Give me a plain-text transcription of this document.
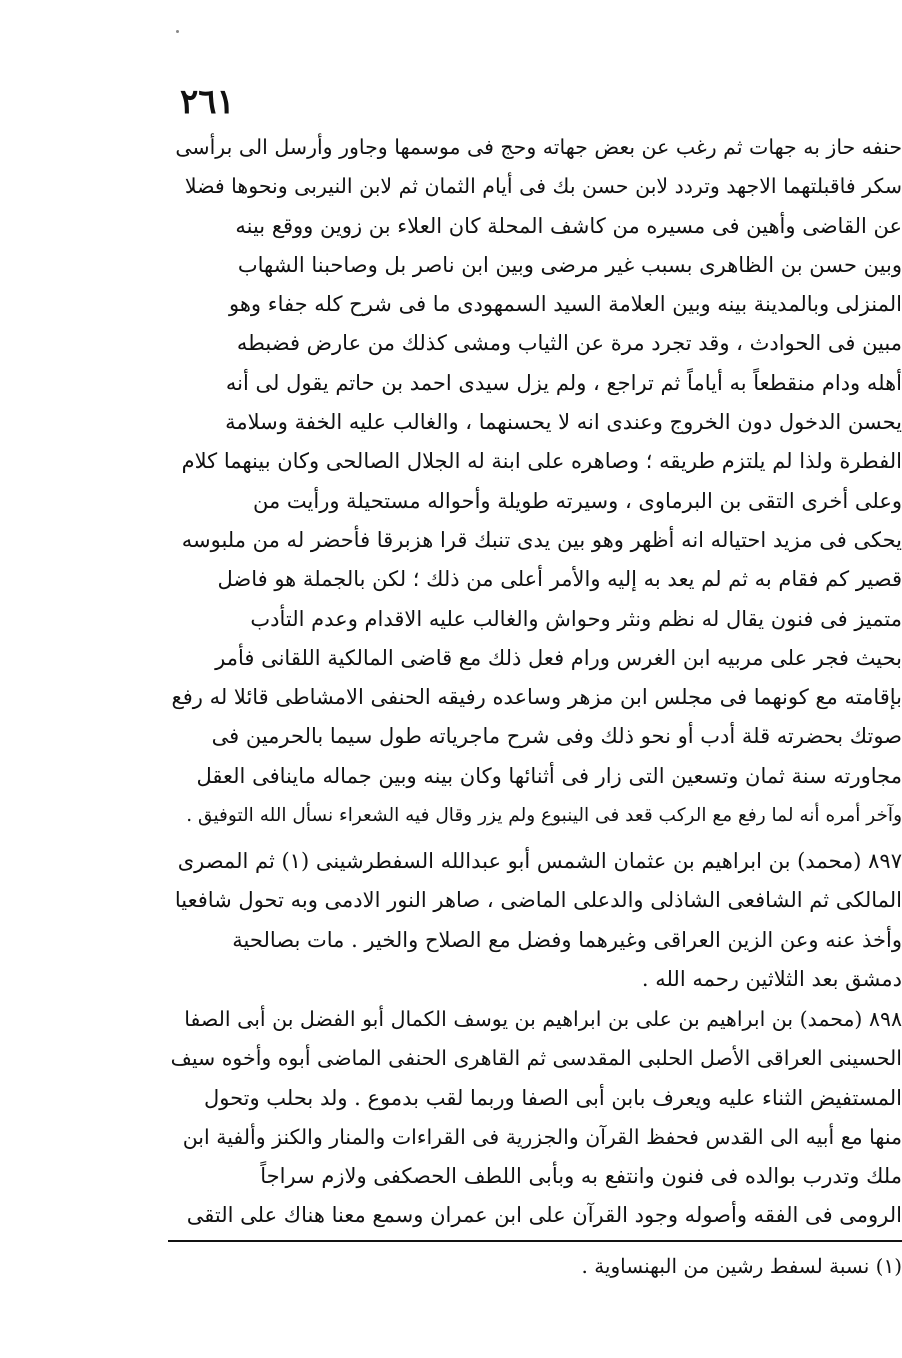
٢٦١
حنفه حاز به جهات ثم رغب عن بعض جهاته وحج فى موسمها وجاور وأرسل الى برأسى
سكر فاقبلتهما الاجهد وتردد لابن حسن بك فى أيام الثمان ثم لابن النيربى ونحوها فضلا
عن القاضى وأهين فى مسيره من كاشف المحلة كان العلاء بن زوين ووقع بينه
وبين حسن بن الظاهرى بسبب غير مرضى وبين ابن ناصر بل وصاحبنا الشهاب
المنزلى وبالمدينة بينه وبين العلامة السيد السمهودى ما فى شرح كله جفاء وهو
مبين فى الحوادث ، وقد تجرد مرة عن الثياب ومشى كذلك من عارض فضبطه
أهله ودام منقطعاً به أياماً ثم تراجع ، ولم يزل سيدى احمد بن حاتم يقول لى أنه
يحسن الدخول دون الخروج وعندى انه لا يحسنهما ، والغالب عليه الخفة وسلامة
الفطرة ولذا لم يلتزم طريقه ؛ وصاهره على ابنة له الجلال الصالحى وكان بينهما كلام
وعلى أخرى التقى بن البرماوى ، وسيرته طويلة وأحواله مستحيلة ورأيت من
يحكى فى مزيد احتياله انه أظهر وهو بين يدى تنبك قرا هزبرقا فأحضر له من ملبوسه
قصير كم فقام به ثم لم يعد به إليه والأمر أعلى من ذلك ؛ لكن بالجملة هو فاضل
متميز فى فنون يقال له نظم ونثر وحواش والغالب عليه الاقدام وعدم التأدب
بحيث فجر على مربيه ابن الغرس ورام فعل ذلك مع قاضى المالكية اللقانى فأمر
بإقامته مع كونهما فى مجلس ابن مزهر وساعده رفيقه الحنفى الامشاطى قائلا له رفع
صوتك بحضرته قلة أدب أو نحو ذلك وفى شرح ماجرياته طول سيما بالحرمين فى
مجاورته سنة ثمان وتسعين التى زار فى أثنائها وكان بينه وبين جماله ماينافى العقل
وآخر أمره أنه لما رفع مع الركب قعد فى الينبوع ولم يزر وقال فيه الشعراء نسأل الله التوفيق .
٨٩٧ (محمد) بن ابراهيم بن عثمان الشمس أبو عبدالله السفطرشينى (١) ثم المصرى
المالكى ثم الشافعى الشاذلى والدعلى الماضى ، صاهر النور الادمى وبه تحول شافعيا
وأخذ عنه وعن الزين العراقى وغيرهما وفضل مع الصلاح والخير . مات بصالحية
دمشق بعد الثلاثين رحمه الله .
٨٩٨ (محمد) بن ابراهيم بن على بن ابراهيم بن يوسف الكمال أبو الفضل بن أبى الصفا
الحسينى العراقى الأصل الحلبى المقدسى ثم القاهرى الحنفى الماضى أبوه وأخوه سيف
المستفيض الثناء عليه ويعرف بابن أبى الصفا وربما لقب بدموع . ولد بحلب وتحول
منها مع أبيه الى القدس فحفظ القرآن والجزرية فى القراءات والمنار والكنز وألفية ابن
ملك وتدرب بوالده فى فنون وانتفع به وبأبى اللطف الحصكفى ولازم سراجاً
الرومى فى الفقه وأصوله وجود القرآن على ابن عمران وسمع معنا هناك على التقى
(١) نسبة لسفط رشين من البهنساوية .
